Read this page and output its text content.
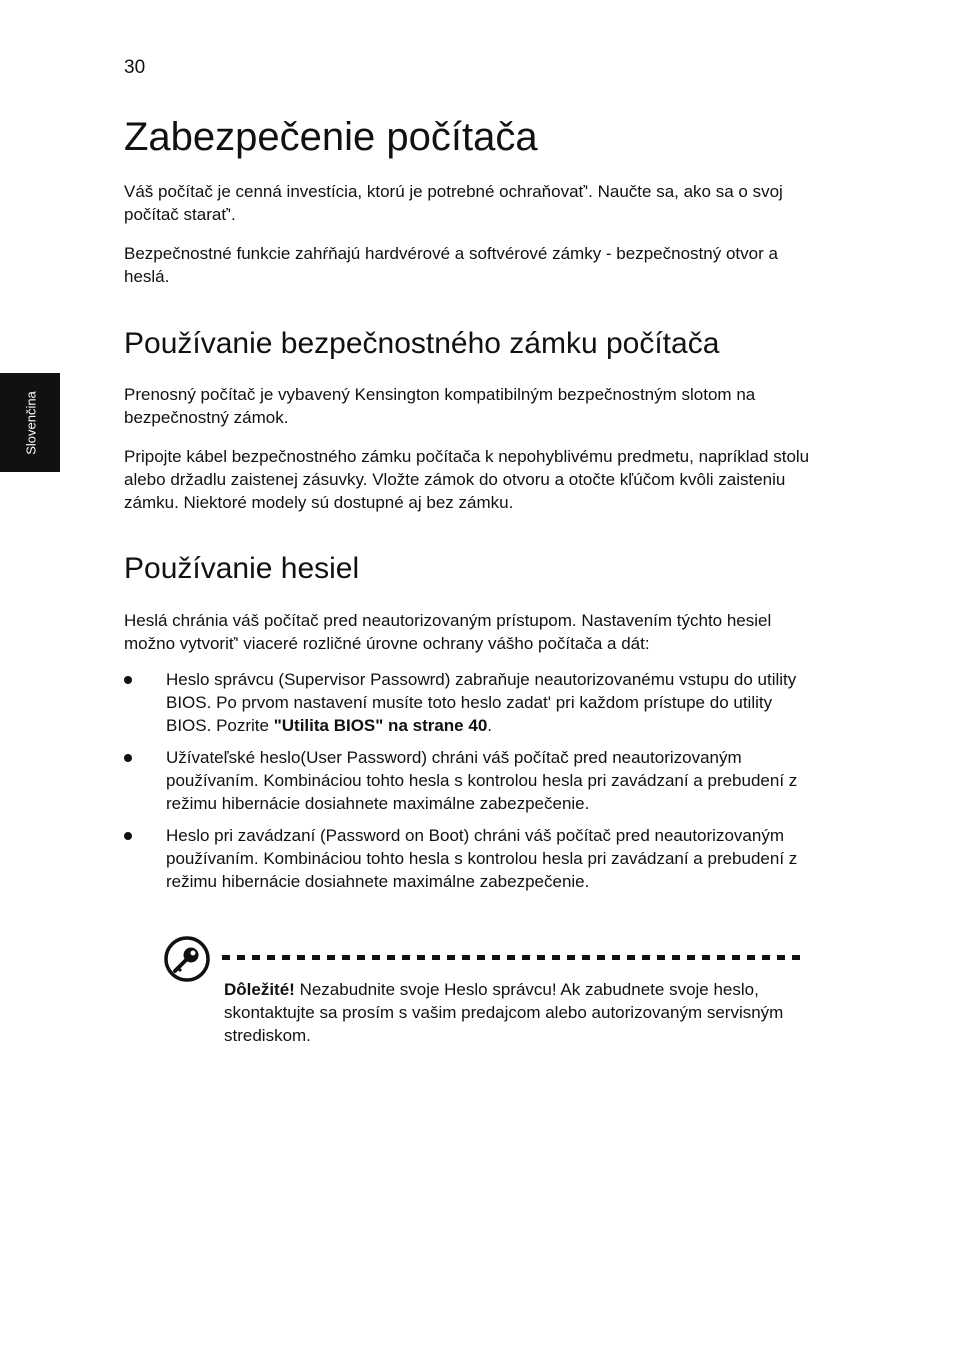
30
Slovenčina
Zabezpečenie počítača

Váš počítač je cenná investícia, ktorú je potrebné ochraňovať'. Naučte sa, ako sa o svoj počítač starať'.

Bezpečnostné funkcie zahŕňajú hardvérové a softvérové zámky - bezpečnostný otvor a heslá.

Používanie bezpečnostného zámku počítača

Prenosný počítač je vybavený Kensington kompatibilným bezpečnostným slotom na bezpečnostný zámok.

Pripojte kábel bezpečnostného zámku počítača k nepohyblivému predmetu, napríklad stolu alebo držadlu zaistenej zásuvky. Vložte zámok do otvoru a otočte kľúčom kvôli zaisteniu zámku. Niektoré modely sú dostupné aj bez zámku.

Používanie hesiel

Heslá chránia váš počítač pred neautorizovaným prístupom. Nastavením týchto hesiel možno vytvoriť' viaceré rozličné úrovne ochrany vášho počítača a dát:

Heslo správcu (Supervisor Passowrd) zabraňuje neautorizovanému vstupu do utility BIOS. Po prvom nastavení musíte toto heslo zadat' pri každom prístupe do utility BIOS. Pozrite "Utilita BIOS" na strane 40.
Užívateľské heslo(User Password) chráni váš počítač pred neautorizovaným používaním. Kombináciou tohto hesla s kontrolou hesla pri zavádzaní a prebudení z režimu hibernácie dosiahnete maximálne zabezpečenie.
Heslo pri zavádzaní (Password on Boot) chráni váš počítač pred neautorizovaným používaním. Kombináciou tohto hesla s kontrolou hesla pri zavádzaní a prebudení z režimu hibernácie dosiahnete maximálne zabezpečenie.

Dôležité! Nezabudnite svoje Heslo správcu! Ak zabudnete svoje heslo, skontaktujte sa prosím s vašim predajcom alebo autorizovaným servisným strediskom.
